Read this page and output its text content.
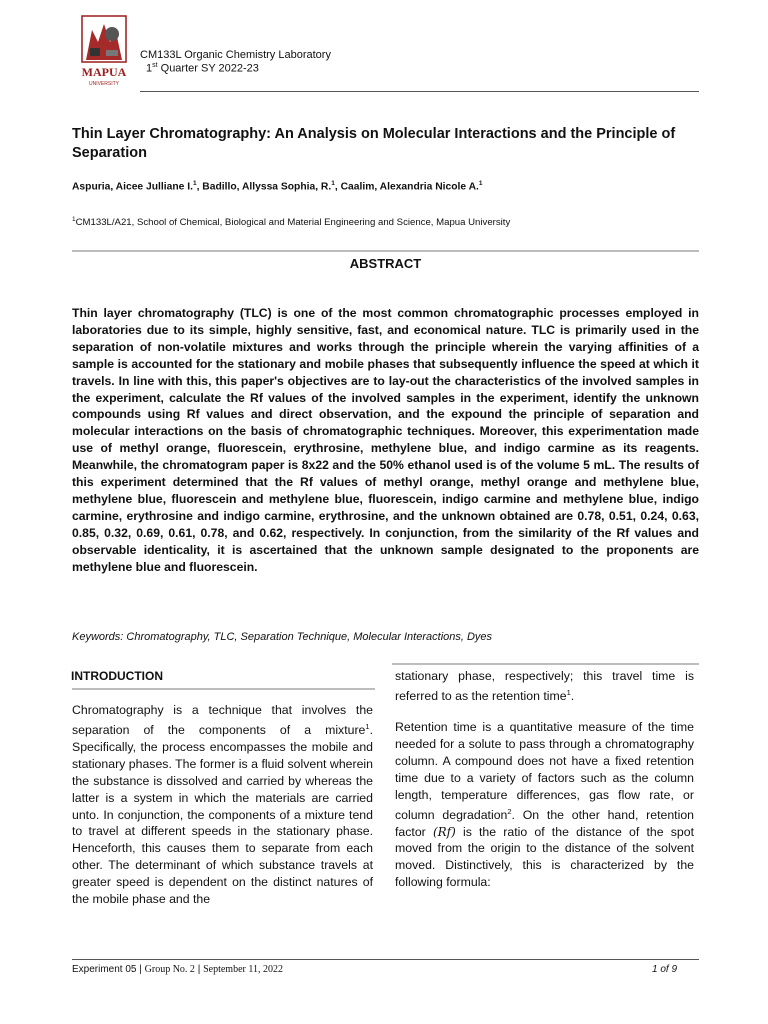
MAPUA
UNIVERSITY
CM133L Organic Chemistry Laboratory
1st Quarter SY 2022-23
Thin Layer Chromatography: An Analysis on Molecular Interactions and the Principle of Separation
Aspuria, Aicee Julliane I.$^1$, Badillo, Allyssa Sophia, R.$^1$, Caalim, Alexandria Nicole A.$^1$
$^1$CM133L/A21, School of Chemical, Biological and Material Engineering and Science, Mapua University
ABSTRACT

Thin layer chromatography (TLC) is one of the most common chromatographic processes employed in laboratories due to its simple, highly sensitive, fast, and economical nature. TLC is primarily used in the separation of non-volatile mixtures and works through the principle wherein the varying affinities of a sample is accounted for the stationary and mobile phases that subsequently influence the speed at which it travels. In line with this, this paper's objectives are to lay-out the characteristics of the involved samples in the experiment, calculate the Rf values of the involved samples in the experiment, identify the unknown compounds using Rf values and direct observation, and the expound the principle of separation and molecular interactions on the basis of chromatographic techniques. Moreover, this experimentation made use of methyl orange, fluorescein, erythrosine, methylene blue, and indigo carmine as its reagents. Meanwhile, the chromatogram paper is 8x22 and the 50% ethanol used is of the volume 5 mL. The results of this experiment determined that the Rf values of methyl orange, methyl orange and methylene blue, methylene blue, fluorescein and methylene blue, fluorescein, indigo carmine and methylene blue, indigo carmine, erythrosine and indigo carmine, erythrosine, and the unknown obtained are 0.78, 0.51, 0.24, 0.63, 0.85, 0.32, 0.69, 0.61, 0.78, and 0.62, respectively. In conjunction, from the similarity of the Rf values and observable identicality, it is ascertained that the unknown sample designated to the proponents are methylene blue and fluorescein.

Keywords: Chromatography, TLC, Separation Technique, Molecular Interactions, Dyes
INTRODUCTION

Chromatography is a technique that involves the separation of the components of a mixture$^1$. Specifically, the process encompasses the mobile and stationary phases. The former is a fluid solvent wherein the substance is dissolved and carried by whereas the latter is a system in which the materials are carried unto. In conjunction, the components of a mixture tend to travel at different speeds in the stationary phase. Henceforth, this causes them to separate from each other. The determinant of which substance travels at greater speed is dependent on the distinct natures of the mobile phase and the

stationary phase, respectively; this travel time is referred to as the retention time$^1$.

Retention time is a quantitative measure of the time needed for a solute to pass through a chromatography column. A compound does not have a fixed retention time due to a variety of factors such as the column length, temperature differences, gas flow rate, or column degradation$^2$. On the other hand, retention factor (Rf) is the ratio of the distance of the spot moved from the origin to the distance of the solvent moved. Distinctively, this is characterized by the following formula:

Experiment 05 | Group No. 2 | September 11, 2022	1 of 9
